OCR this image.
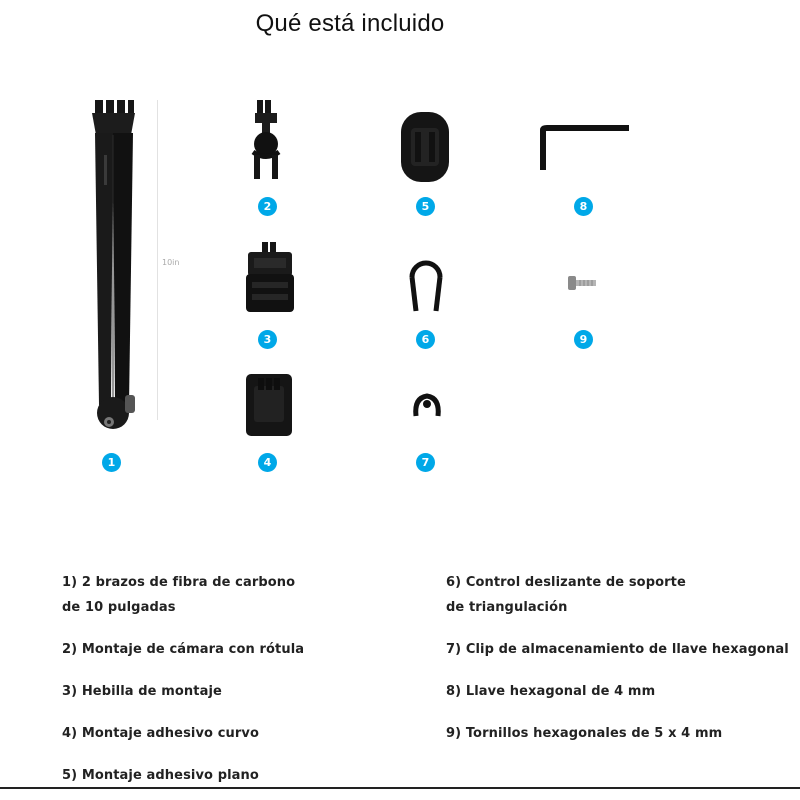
Qué está incluido
10in
1
2
3
4
5
6
7
8
9
1) 2 brazos de fibra de carbono de 10 pulgadas
2) Montaje de cámara con rótula
3) Hebilla de montaje
4) Montaje adhesivo curvo
5) Montaje adhesivo plano
6) Control deslizante de soporte de triangulación
7) Clip de almacenamiento de llave hexagonal
8) Llave hexagonal de 4 mm
9) Tornillos hexagonales de 5 x 4 mm
